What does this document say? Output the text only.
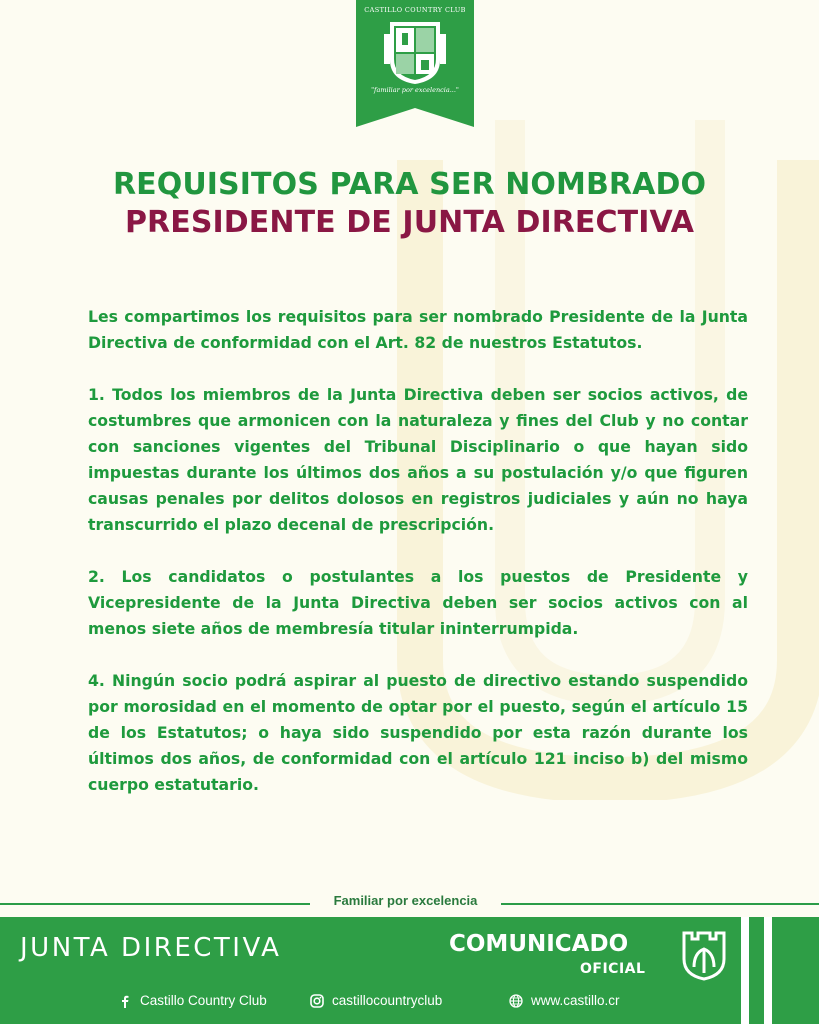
CASTILLO COUNTRY CLUB
"familiar por excelencia..."
REQUISITOS PARA SER NOMBRADO
PRESIDENTE DE JUNTA DIRECTIVA

Les compartimos los requisitos para ser nombrado Presidente de la Junta Directiva de conformidad con el Art. 82 de nuestros Estatutos.

1. Todos los miembros de la Junta Directiva deben ser socios activos, de costumbres que armonicen con la naturaleza y fines del Club y no contar con sanciones vigentes del Tribunal Disciplinario o que hayan sido impuestas durante los últimos dos años a su postulación y/o que figuren causas penales por delitos dolosos en registros judiciales y aún no haya transcurrido el plazo decenal de prescripción.

2. Los candidatos o postulantes a los puestos de Presidente y Vicepresidente de la Junta Directiva deben ser socios activos con al menos siete años de membresía titular ininterrumpida.

4. Ningún socio podrá aspirar al puesto de directivo estando suspendido por morosidad en el momento de optar por el puesto, según el artículo 15 de los Estatutos; o haya sido suspendido por esta razón durante los últimos dos años, de conformidad con el artículo 121 inciso b) del mismo cuerpo estatutario.

Familiar por excelencia
JUNTA DIRECTIVA	COMUNICADO
OFICIAL
Castillo Country Club	castillocountryclub	www.castillo.cr
